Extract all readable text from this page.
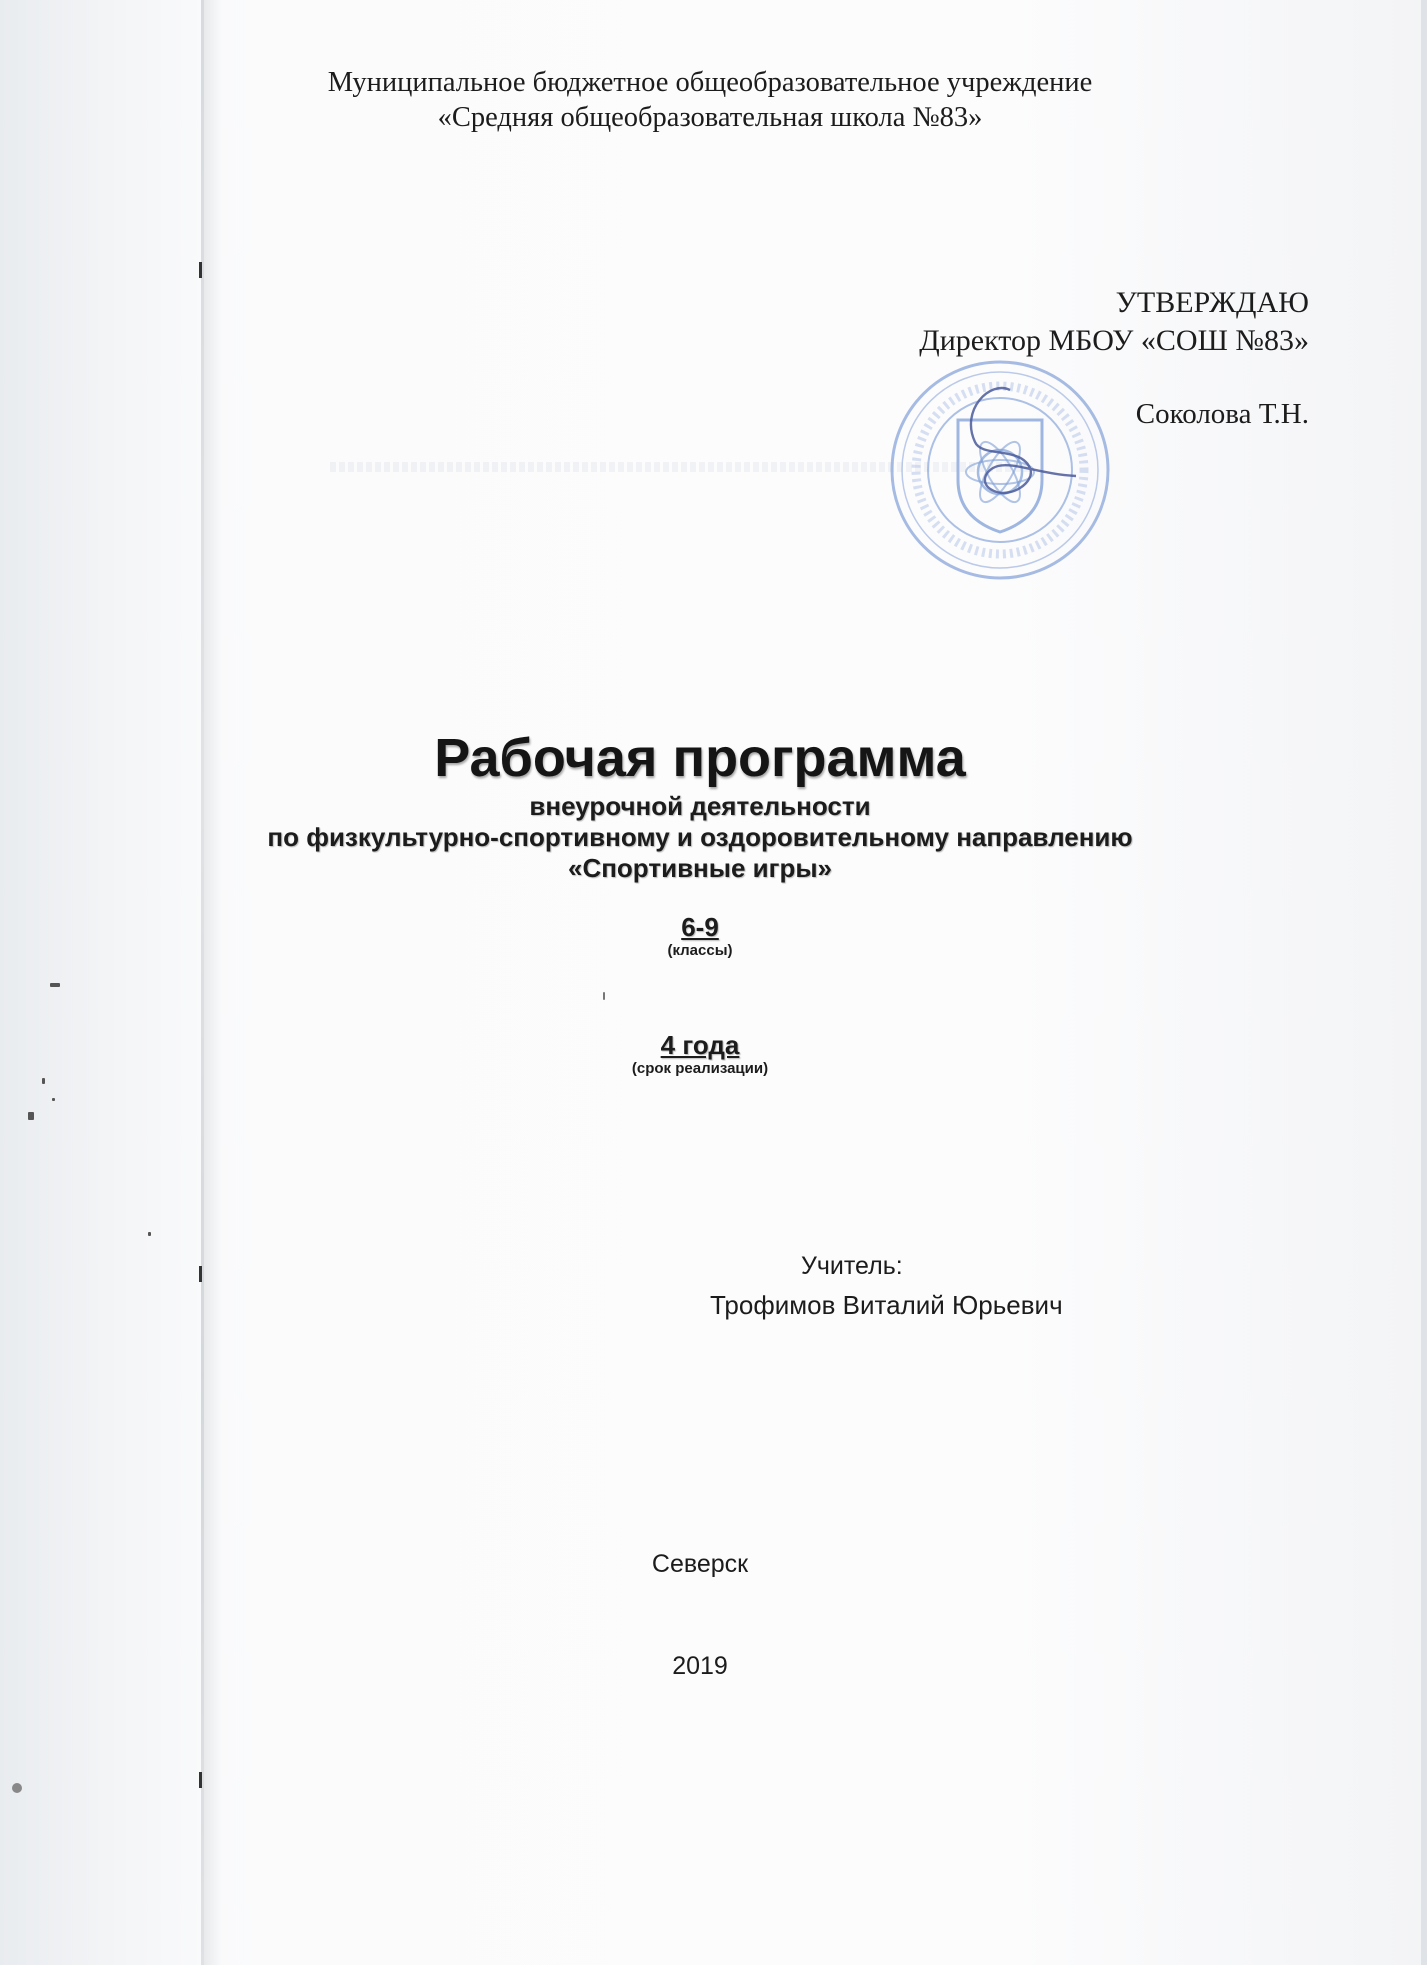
Муниципальное бюджетное общеобразовательное учреждение
«Средняя общеобразовательная школа №83»
УТВЕРЖДАЮ
Директор МБОУ «СОШ №83»
Соколова Т.Н.
Рабочая программа
внеурочной деятельности
по физкультурно-спортивному и оздоровительному направлению
«Спортивные игры»
6-9
(классы)
4 года
(срок реализации)
Учитель:
Трофимов Виталий Юрьевич
Северск
2019
